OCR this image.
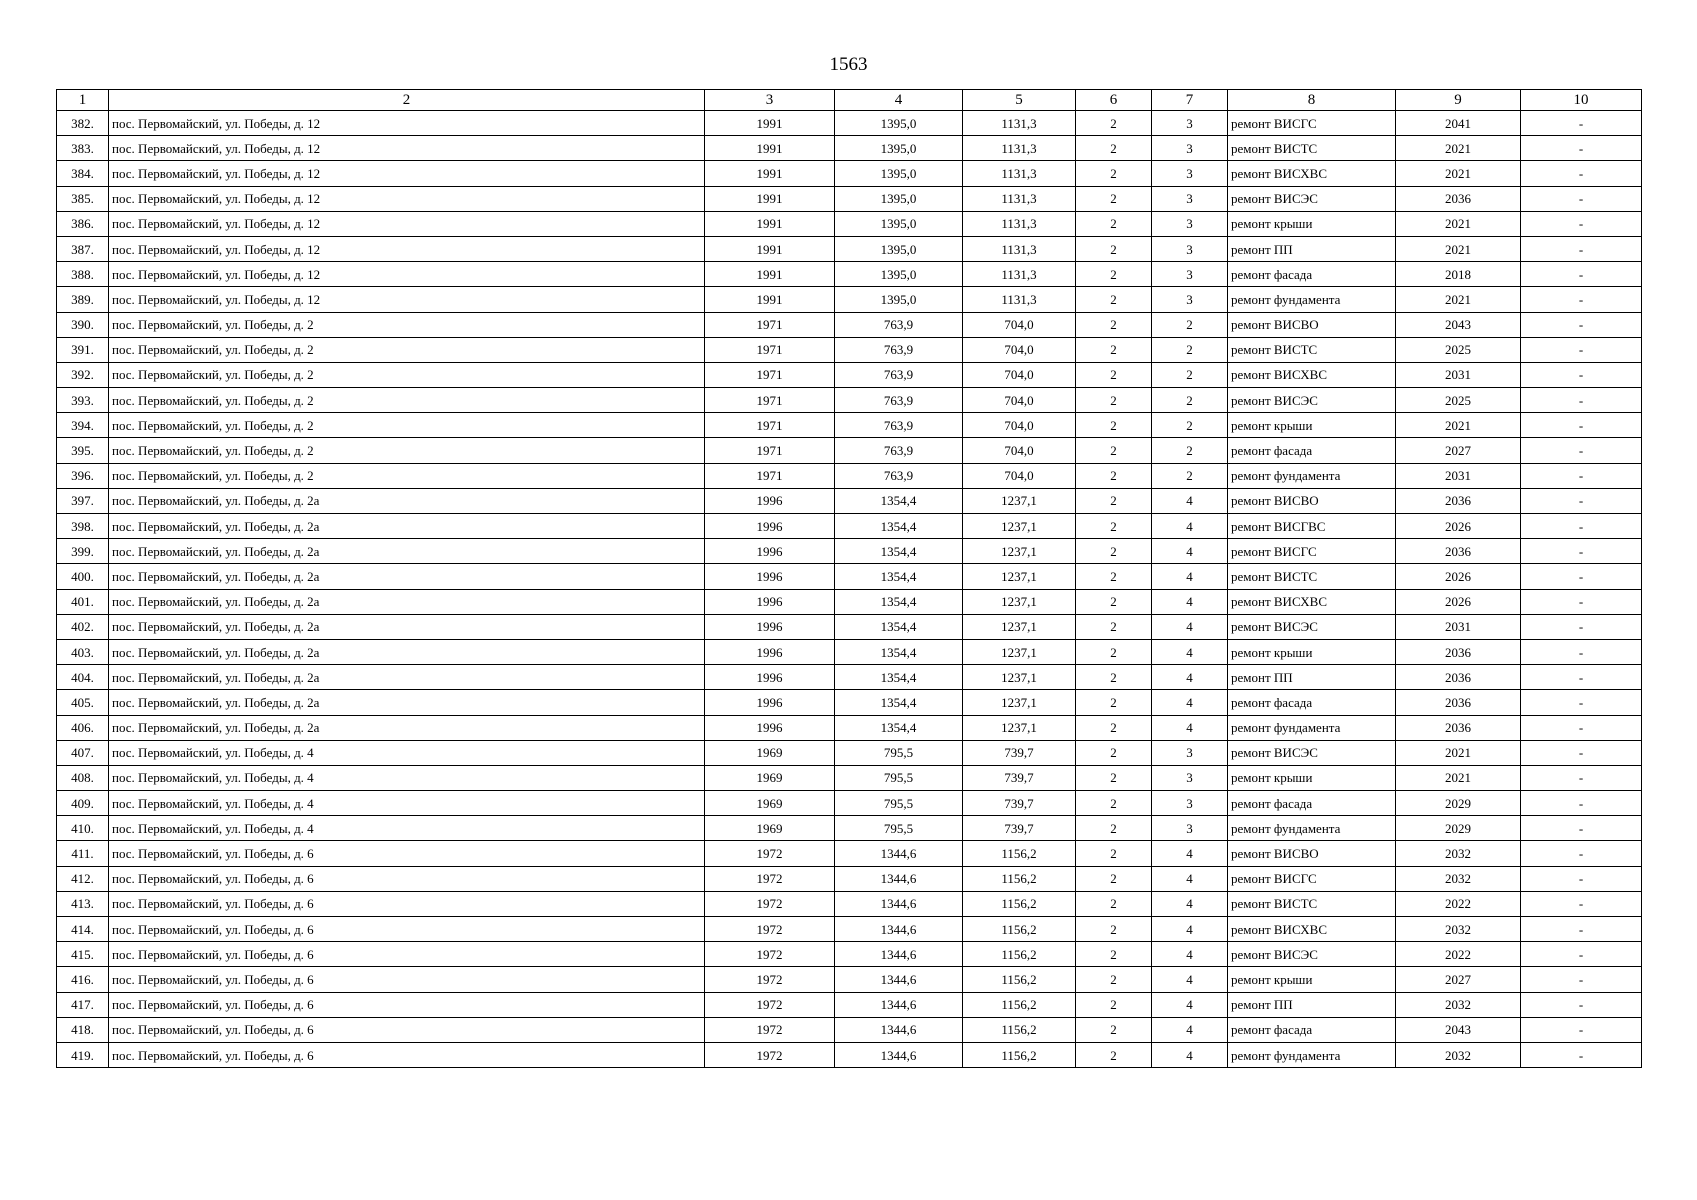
1563
1	2	3	4	5	6	7	8	9	10
382.	пос. Первомайский, ул. Победы, д. 12	1991	1395,0	1131,3	2	3	ремонт ВИСГС	2041	-
383.	пос. Первомайский, ул. Победы, д. 12	1991	1395,0	1131,3	2	3	ремонт ВИСТС	2021	-
384.	пос. Первомайский, ул. Победы, д. 12	1991	1395,0	1131,3	2	3	ремонт ВИСХВС	2021	-
385.	пос. Первомайский, ул. Победы, д. 12	1991	1395,0	1131,3	2	3	ремонт ВИСЭС	2036	-
386.	пос. Первомайский, ул. Победы, д. 12	1991	1395,0	1131,3	2	3	ремонт крыши	2021	-
387.	пос. Первомайский, ул. Победы, д. 12	1991	1395,0	1131,3	2	3	ремонт ПП	2021	-
388.	пос. Первомайский, ул. Победы, д. 12	1991	1395,0	1131,3	2	3	ремонт фасада	2018	-
389.	пос. Первомайский, ул. Победы, д. 12	1991	1395,0	1131,3	2	3	ремонт фундамента	2021	-
390.	пос. Первомайский, ул. Победы, д. 2	1971	763,9	704,0	2	2	ремонт ВИСВО	2043	-
391.	пос. Первомайский, ул. Победы, д. 2	1971	763,9	704,0	2	2	ремонт ВИСТС	2025	-
392.	пос. Первомайский, ул. Победы, д. 2	1971	763,9	704,0	2	2	ремонт ВИСХВС	2031	-
393.	пос. Первомайский, ул. Победы, д. 2	1971	763,9	704,0	2	2	ремонт ВИСЭС	2025	-
394.	пос. Первомайский, ул. Победы, д. 2	1971	763,9	704,0	2	2	ремонт крыши	2021	-
395.	пос. Первомайский, ул. Победы, д. 2	1971	763,9	704,0	2	2	ремонт фасада	2027	-
396.	пос. Первомайский, ул. Победы, д. 2	1971	763,9	704,0	2	2	ремонт фундамента	2031	-
397.	пос. Первомайский, ул. Победы, д. 2а	1996	1354,4	1237,1	2	4	ремонт ВИСВО	2036	-
398.	пос. Первомайский, ул. Победы, д. 2а	1996	1354,4	1237,1	2	4	ремонт ВИСГВС	2026	-
399.	пос. Первомайский, ул. Победы, д. 2а	1996	1354,4	1237,1	2	4	ремонт ВИСГС	2036	-
400.	пос. Первомайский, ул. Победы, д. 2а	1996	1354,4	1237,1	2	4	ремонт ВИСТС	2026	-
401.	пос. Первомайский, ул. Победы, д. 2а	1996	1354,4	1237,1	2	4	ремонт ВИСХВС	2026	-
402.	пос. Первомайский, ул. Победы, д. 2а	1996	1354,4	1237,1	2	4	ремонт ВИСЭС	2031	-
403.	пос. Первомайский, ул. Победы, д. 2а	1996	1354,4	1237,1	2	4	ремонт крыши	2036	-
404.	пос. Первомайский, ул. Победы, д. 2а	1996	1354,4	1237,1	2	4	ремонт ПП	2036	-
405.	пос. Первомайский, ул. Победы, д. 2а	1996	1354,4	1237,1	2	4	ремонт фасада	2036	-
406.	пос. Первомайский, ул. Победы, д. 2а	1996	1354,4	1237,1	2	4	ремонт фундамента	2036	-
407.	пос. Первомайский, ул. Победы, д. 4	1969	795,5	739,7	2	3	ремонт ВИСЭС	2021	-
408.	пос. Первомайский, ул. Победы, д. 4	1969	795,5	739,7	2	3	ремонт крыши	2021	-
409.	пос. Первомайский, ул. Победы, д. 4	1969	795,5	739,7	2	3	ремонт фасада	2029	-
410.	пос. Первомайский, ул. Победы, д. 4	1969	795,5	739,7	2	3	ремонт фундамента	2029	-
411.	пос. Первомайский, ул. Победы, д. 6	1972	1344,6	1156,2	2	4	ремонт ВИСВО	2032	-
412.	пос. Первомайский, ул. Победы, д. 6	1972	1344,6	1156,2	2	4	ремонт ВИСГС	2032	-
413.	пос. Первомайский, ул. Победы, д. 6	1972	1344,6	1156,2	2	4	ремонт ВИСТС	2022	-
414.	пос. Первомайский, ул. Победы, д. 6	1972	1344,6	1156,2	2	4	ремонт ВИСХВС	2032	-
415.	пос. Первомайский, ул. Победы, д. 6	1972	1344,6	1156,2	2	4	ремонт ВИСЭС	2022	-
416.	пос. Первомайский, ул. Победы, д. 6	1972	1344,6	1156,2	2	4	ремонт крыши	2027	-
417.	пос. Первомайский, ул. Победы, д. 6	1972	1344,6	1156,2	2	4	ремонт ПП	2032	-
418.	пос. Первомайский, ул. Победы, д. 6	1972	1344,6	1156,2	2	4	ремонт фасада	2043	-
419.	пос. Первомайский, ул. Победы, д. 6	1972	1344,6	1156,2	2	4	ремонт фундамента	2032	-
